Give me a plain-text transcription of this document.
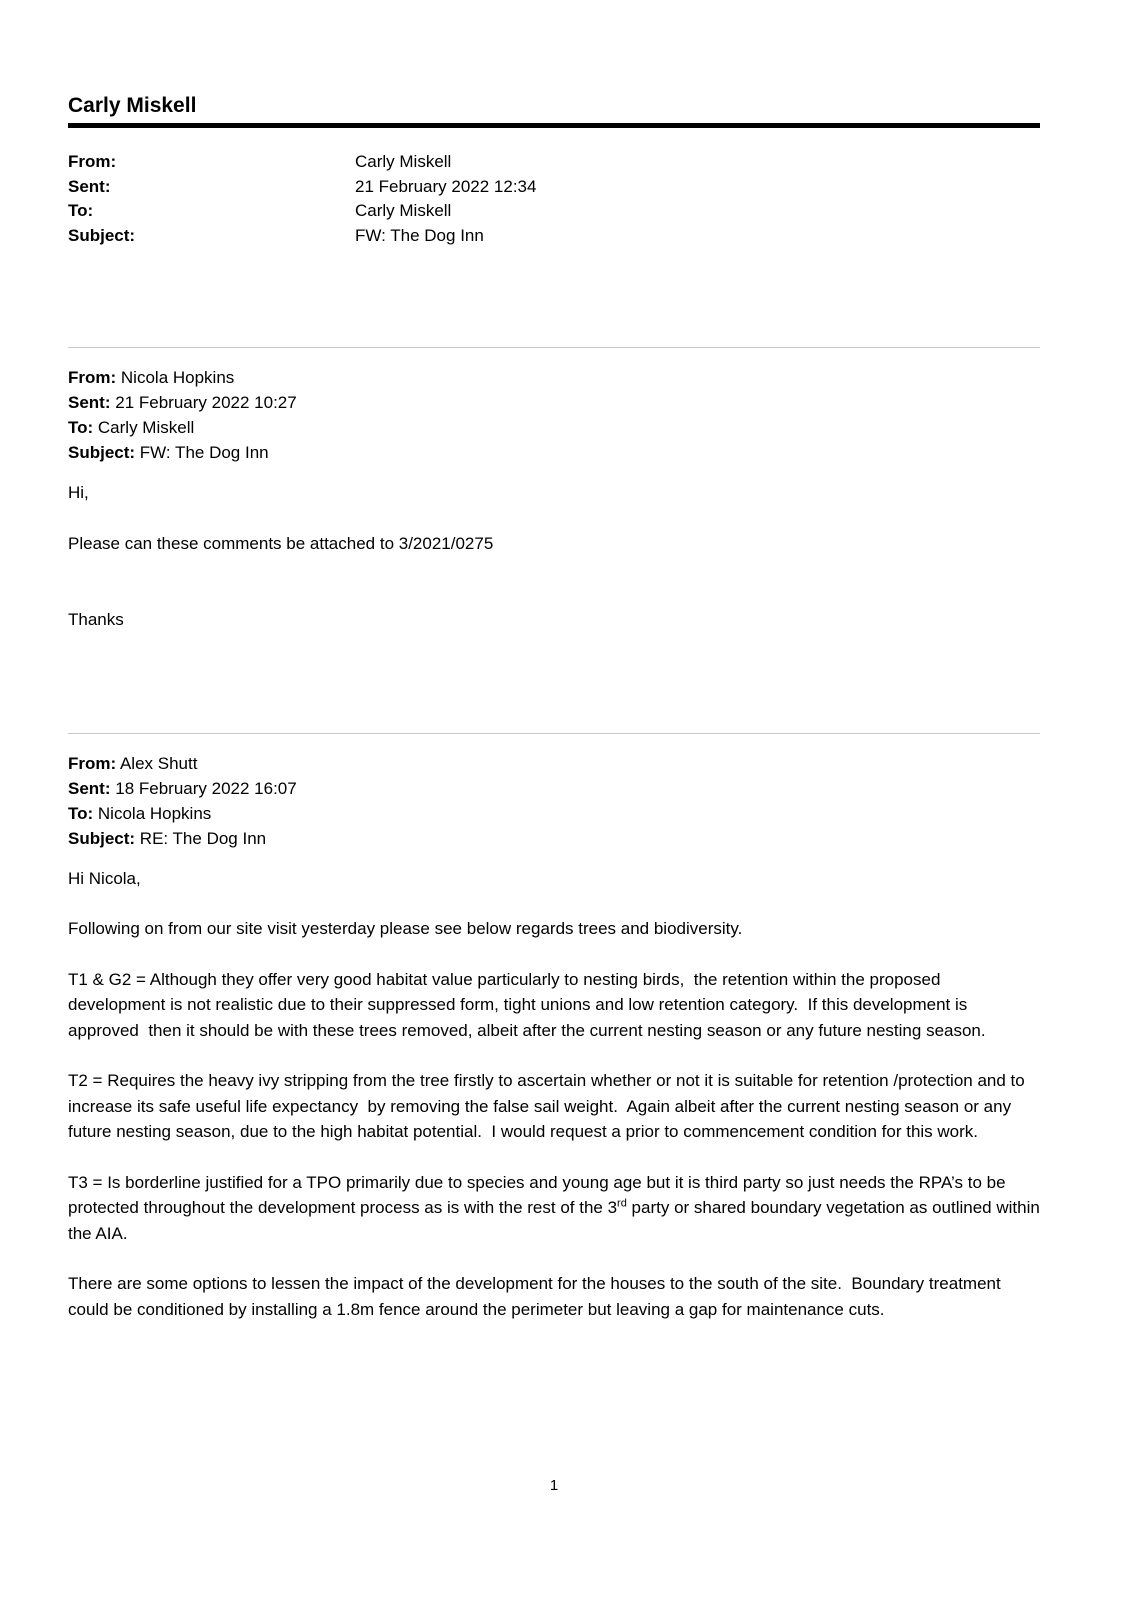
Carly Miskell
From:	Carly Miskell
Sent:	21 February 2022 12:34
To:	Carly Miskell
Subject:	FW: The Dog Inn

From: Nicola Hopkins

Sent: 21 February 2022 10:27

To: Carly Miskell

Subject: FW: The Dog Inn

Hi,

Please can these comments be attached to 3/2021/0275

Thanks

From: Alex Shutt

Sent: 18 February 2022 16:07

To: Nicola Hopkins

Subject: RE: The Dog Inn

Hi Nicola,

Following on from our site visit yesterday please see below regards trees and biodiversity.

T1 & G2 = Although they offer very good habitat value particularly to nesting birds,  the retention within the proposed development is not realistic due to their suppressed form, tight unions and low retention category.  If this development is approved  then it should be with these trees removed, albeit after the current nesting season or any future nesting season.

T2 = Requires the heavy ivy stripping from the tree firstly to ascertain whether or not it is suitable for retention /protection and to increase its safe useful life expectancy  by removing the false sail weight.  Again albeit after the current nesting season or any future nesting season, due to the high habitat potential.  I would request a prior to commencement condition for this work.

T3 = Is borderline justified for a TPO primarily due to species and young age but it is third party so just needs the RPA’s to be protected throughout the development process as is with the rest of the 3rd party or shared boundary vegetation as outlined within the AIA.

There are some options to lessen the impact of the development for the houses to the south of the site.  Boundary treatment could be conditioned by installing a 1.8m fence around the perimeter but leaving a gap for maintenance cuts.

1
